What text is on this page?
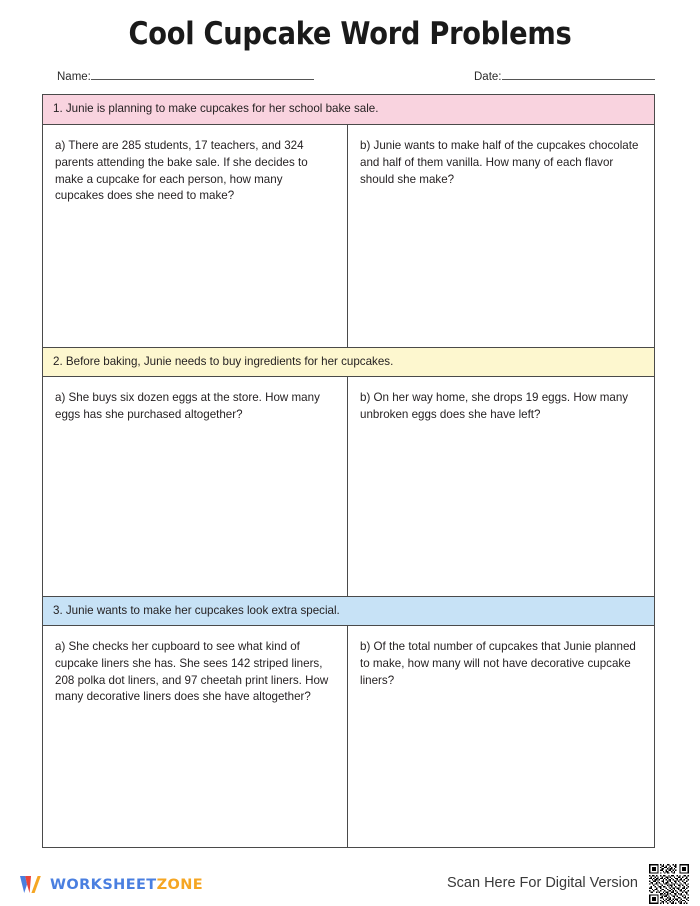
Cool Cupcake Word Problems
Name:	Date:
1. Junie is planning to make cupcakes for her school bake sale.
a) There are 285 students, 17 teachers, and 324 parents attending the bake sale. If she decides to make a cupcake for each person, how many cupcakes does she need to make?
b) Junie wants to make half of the cupcakes chocolate and half of them vanilla. How many of each flavor should she make?
2. Before baking, Junie needs to buy ingredients for her cupcakes.
a) She buys six dozen eggs at the store. How many eggs has she purchased altogether?
b) On her way home, she drops 19 eggs. How many unbroken eggs does she have left?
3. Junie wants to make her cupcakes look extra special.
a) She checks her cupboard to see what kind of cupcake liners she has. She sees 142 striped liners, 208 polka dot liners, and 97 cheetah print liners. How many decorative liners does she have altogether?
b) Of the total number of cupcakes that Junie planned to make, how many will not have decorative cupcake liners?
WORKSHEETZONE	Scan Here For Digital Version
